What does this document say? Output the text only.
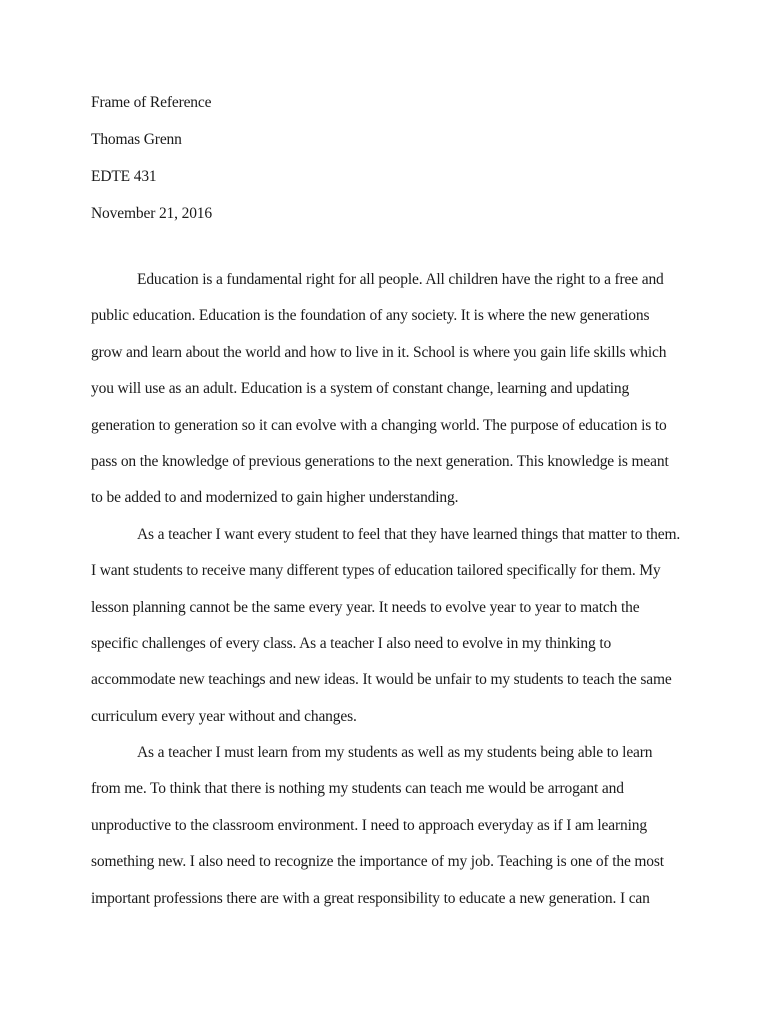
Frame of Reference
Thomas Grenn
EDTE 431
November 21, 2016
Education is a fundamental right for all people. All children have the right to a free and
public education. Education is the foundation of any society. It is where the new generations
grow and learn about the world and how to live in it. School is where you gain life skills which
you will use as an adult. Education is a system of constant change, learning and updating
generation to generation so it can evolve with a changing world. The purpose of education is to
pass on the knowledge of previous generations to the next generation. This knowledge is meant
to be added to and modernized to gain higher understanding.
As a teacher I want every student to feel that they have learned things that matter to them.
I want students to receive many different types of education tailored specifically for them. My
lesson planning cannot be the same every year. It needs to evolve year to year to match the
specific challenges of every class. As a teacher I also need to evolve in my thinking to
accommodate new teachings and new ideas. It would be unfair to my students to teach the same
curriculum every year without and changes.
As a teacher I must learn from my students as well as my students being able to learn
from me. To think that there is nothing my students can teach me would be arrogant and
unproductive to the classroom environment. I need to approach everyday as if I am learning
something new. I also need to recognize the importance of my job. Teaching is one of the most
important professions there are with a great responsibility to educate a new generation. I can
